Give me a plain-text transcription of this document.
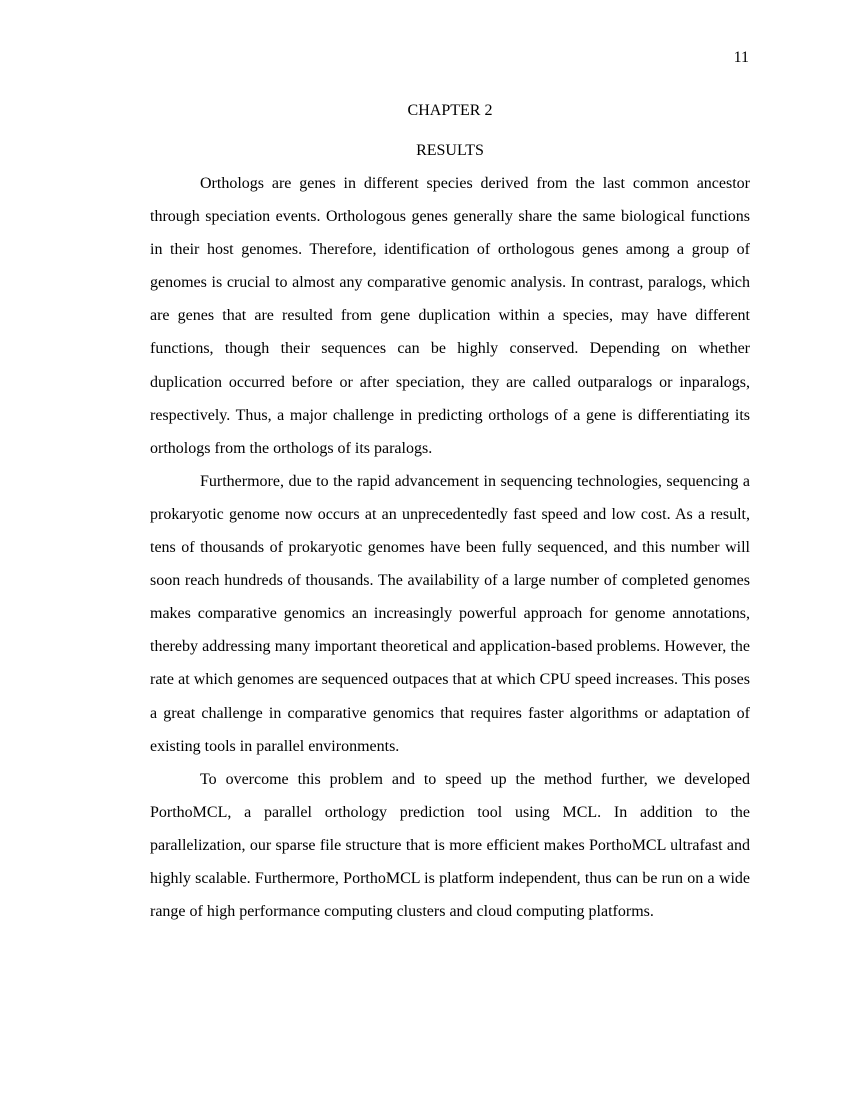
11
CHAPTER 2
RESULTS

Orthologs are genes in different species derived from the last common ancestor through speciation events. Orthologous genes generally share the same biological functions in their host genomes. Therefore, identification of orthologous genes among a group of genomes is crucial to almost any comparative genomic analysis. In contrast, paralogs, which are genes that are resulted from gene duplication within a species, may have different functions, though their sequences can be highly conserved. Depending on whether duplication occurred before or after speciation, they are called outparalogs or inparalogs, respectively. Thus, a major challenge in predicting orthologs of a gene is differentiating its orthologs from the orthologs of its paralogs.

Furthermore, due to the rapid advancement in sequencing technologies, sequencing a prokaryotic genome now occurs at an unprecedentedly fast speed and low cost. As a result, tens of thousands of prokaryotic genomes have been fully sequenced, and this number will soon reach hundreds of thousands. The availability of a large number of completed genomes makes comparative genomics an increasingly powerful approach for genome annotations, thereby addressing many important theoretical and application-based problems. However, the rate at which genomes are sequenced outpaces that at which CPU speed increases. This poses a great challenge in comparative genomics that requires faster algorithms or adaptation of existing tools in parallel environments.

To overcome this problem and to speed up the method further, we developed PorthoMCL, a parallel orthology prediction tool using MCL. In addition to the parallelization, our sparse file structure that is more efficient makes PorthoMCL ultrafast and highly scalable. Furthermore, PorthoMCL is platform independent, thus can be run on a wide range of high performance computing clusters and cloud computing platforms.
